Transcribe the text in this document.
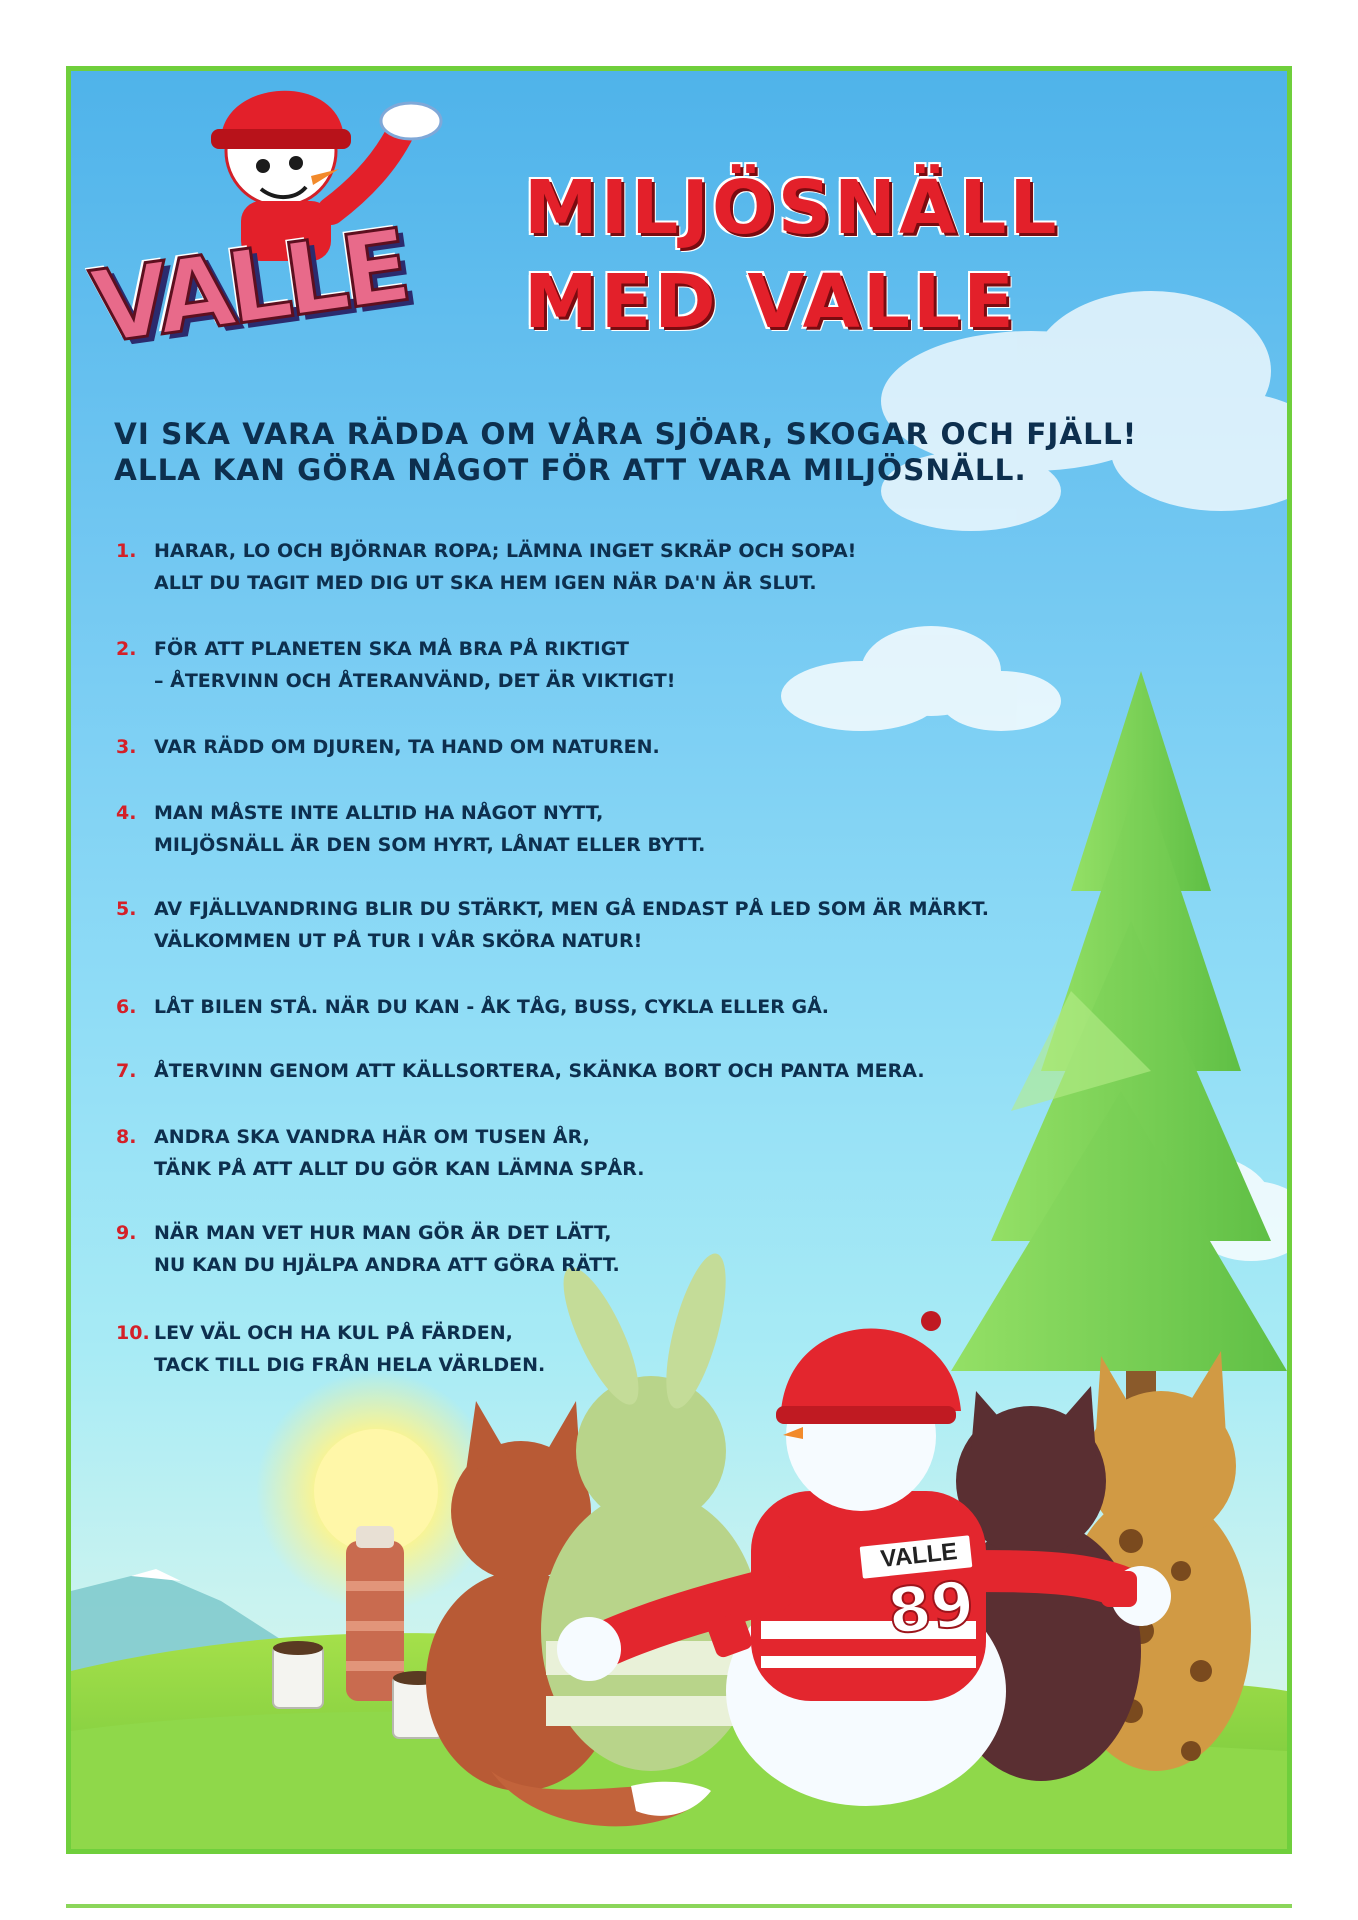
VALLE
89
VALLE	MILJÖSNÄLL
MED VALLE

VI SKA VARA RÄDDA OM VÅRA SJÖAR, SKOGAR OCH FJÄLL!
ALLA KAN GÖRA NÅGOT FÖR ATT VARA MILJÖSNÄLL.

1. HARAR, LO OCH BJÖRNAR ROPA; LÄMNA INGET SKRÄP OCH SOPA!
ALLT DU TAGIT MED DIG UT SKA HEM IGEN NÄR DA'N ÄR SLUT.
2. FÖR ATT PLANETEN SKA MÅ BRA PÅ RIKTIGT
– ÅTERVINN OCH ÅTERANVÄND, DET ÄR VIKTIGT!
3. VAR RÄDD OM DJUREN, TA HAND OM NATUREN.
4. MAN MÅSTE INTE ALLTID HA NÅGOT NYTT,
MILJÖSNÄLL ÄR DEN SOM HYRT, LÅNAT ELLER BYTT.
5. AV FJÄLLVANDRING BLIR DU STÄRKT, MEN GÅ ENDAST PÅ LED SOM ÄR MÄRKT.
VÄLKOMMEN UT PÅ TUR I VÅR SKÖRA NATUR!
6. LÅT BILEN STÅ. NÄR DU KAN - ÅK TÅG, BUSS, CYKLA ELLER GÅ.
7. ÅTERVINN GENOM ATT KÄLLSORTERA, SKÄNKA BORT OCH PANTA MERA.
8. ANDRA SKA VANDRA HÄR OM TUSEN ÅR,
TÄNK PÅ ATT ALLT DU GÖR KAN LÄMNA SPÅR.
9. NÄR MAN VET HUR MAN GÖR ÄR DET LÄTT,
NU KAN DU HJÄLPA ANDRA ATT GÖRA RÄTT.
10. LEV VÄL OCH HA KUL PÅ FÄRDEN,
TACK TILL DIG FRÅN HELA VÄRLDEN.
